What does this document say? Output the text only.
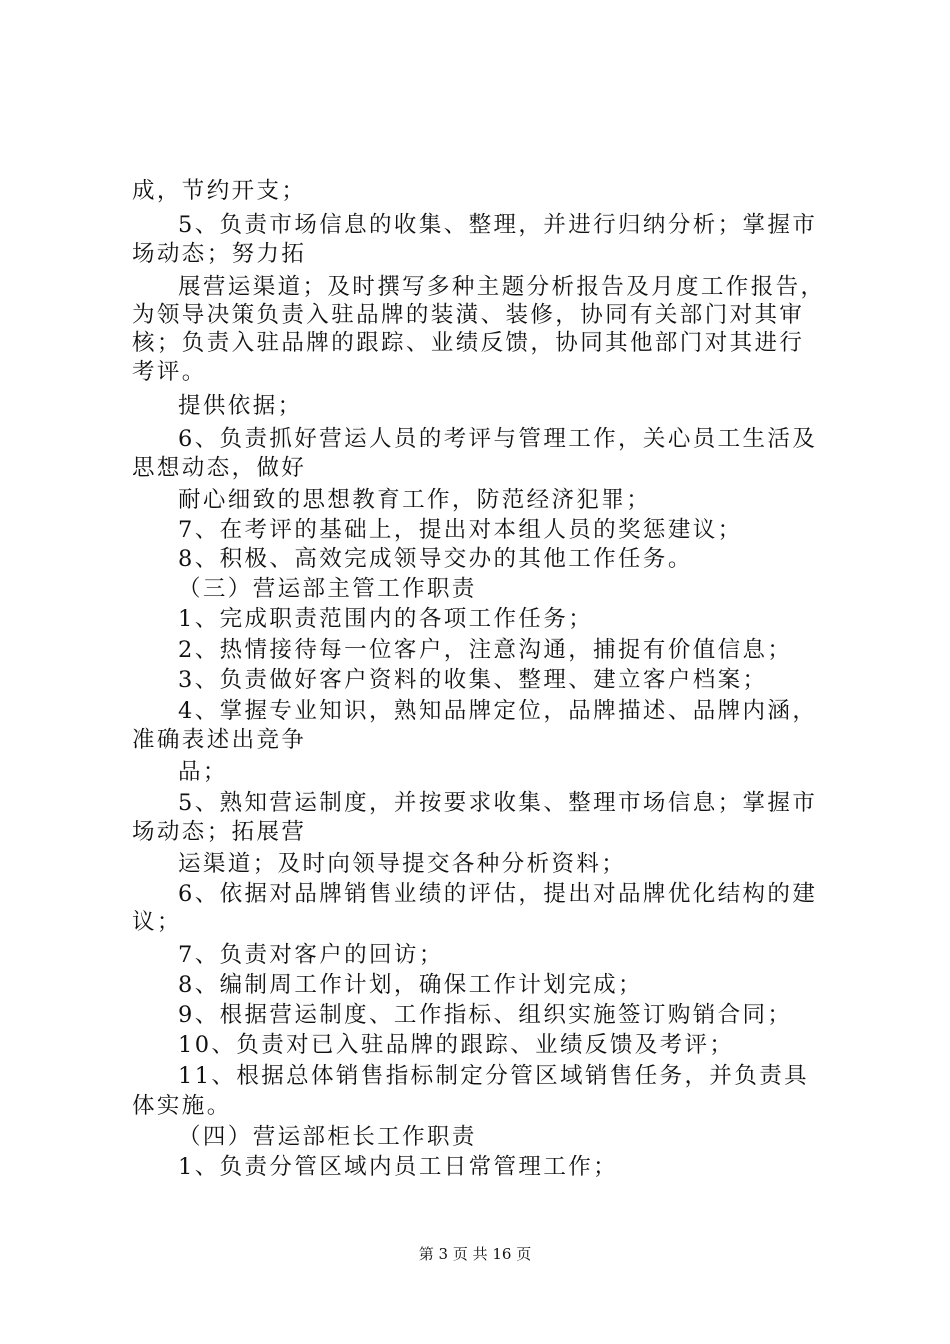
成，节约开支；
5、负责市场信息的收集、整理，并进行归纳分析；掌握市
场动态；努力拓
展营运渠道；及时撰写多种主题分析报告及月度工作报告，
为领导决策负责入驻品牌的装潢、装修，协同有关部门对其审
核；负责入驻品牌的跟踪、业绩反馈，协同其他部门对其进行
考评。
提供依据；
6、负责抓好营运人员的考评与管理工作，关心员工生活及
思想动态，做好
耐心细致的思想教育工作，防范经济犯罪；
7、在考评的基础上，提出对本组人员的奖惩建议；
8、积极、高效完成领导交办的其他工作任务。
（三）营运部主管工作职责
1、完成职责范围内的各项工作任务；
2、热情接待每一位客户，注意沟通，捕捉有价值信息；
3、负责做好客户资料的收集、整理、建立客户档案；
4、掌握专业知识，熟知品牌定位，品牌描述、品牌内涵，
准确表述出竞争
品；
5、熟知营运制度，并按要求收集、整理市场信息；掌握市
场动态；拓展营
运渠道；及时向领导提交各种分析资料；
6、依据对品牌销售业绩的评估，提出对品牌优化结构的建
议；
7、负责对客户的回访；
8、编制周工作计划，确保工作计划完成；
9、根据营运制度、工作指标、组织实施签订购销合同；
10、负责对已入驻品牌的跟踪、业绩反馈及考评；
11、根据总体销售指标制定分管区域销售任务，并负责具
体实施。
（四）营运部柜长工作职责
1、负责分管区域内员工日常管理工作；
第 3 页 共 16 页
